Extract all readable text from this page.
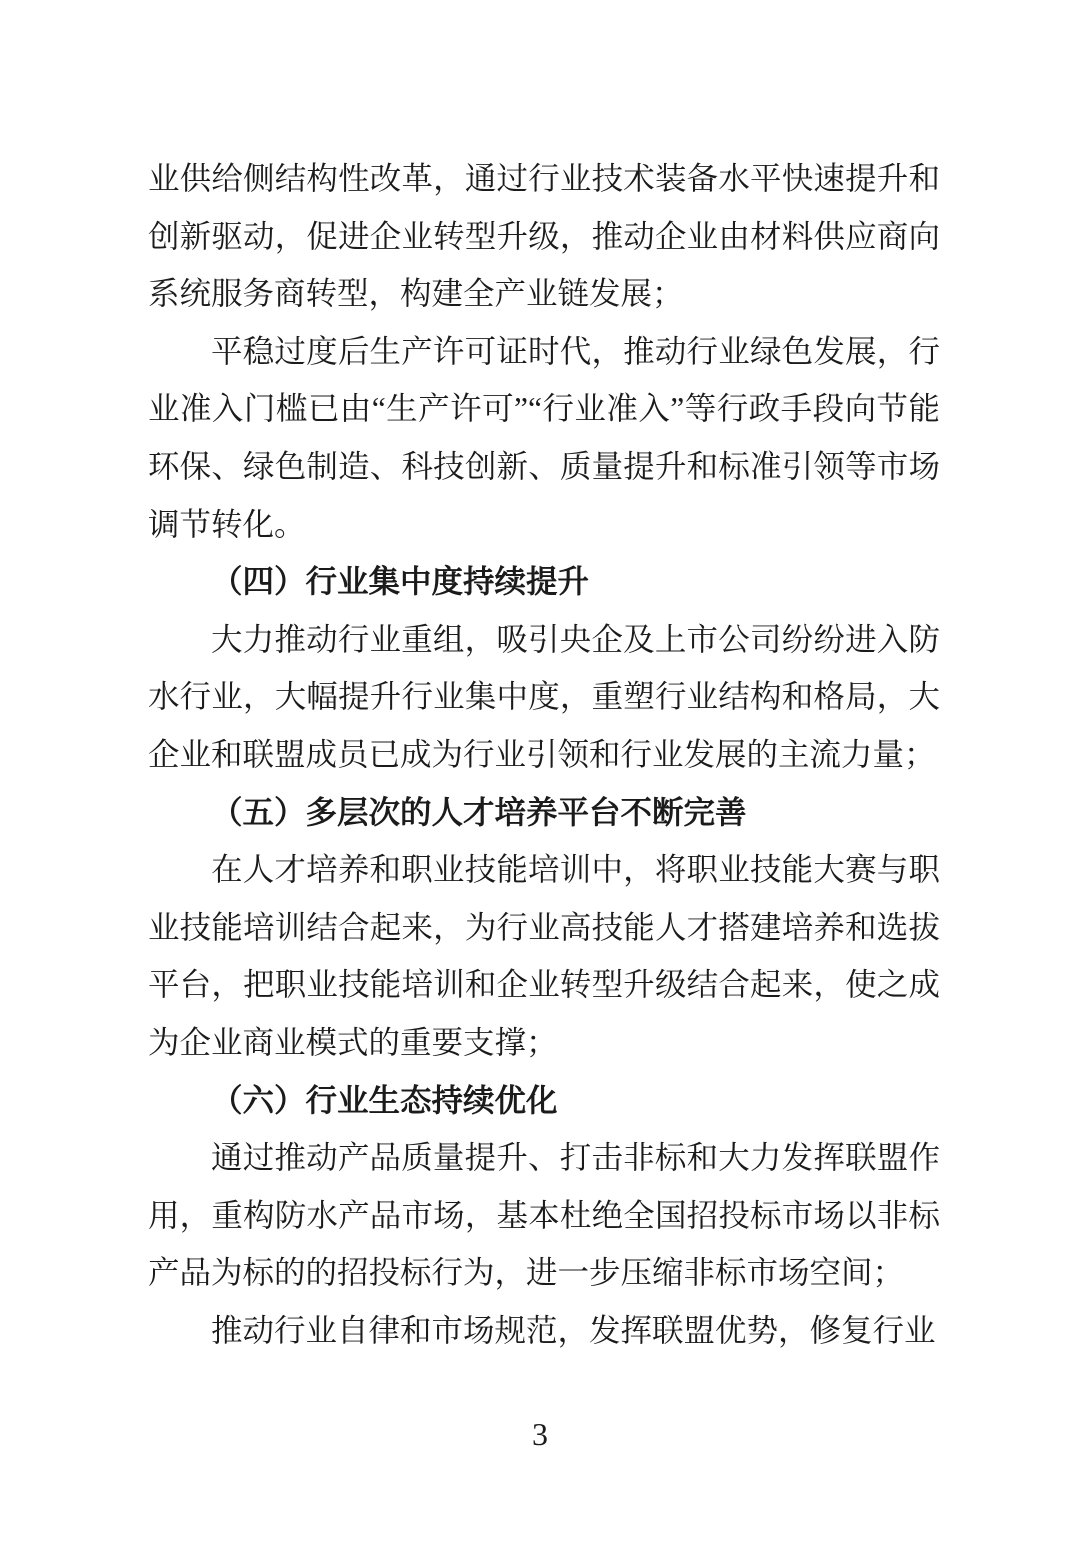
业供给侧结构性改革，通过行业技术装备水平快速提升和创新驱动，促进企业转型升级，推动企业由材料供应商向系统服务商转型，构建全产业链发展；

平稳过度后生产许可证时代，推动行业绿色发展，行业准入门槛已由“生产许可”“行业准入”等行政手段向节能环保、绿色制造、科技创新、质量提升和标准引领等市场调节转化。

（四）行业集中度持续提升

大力推动行业重组，吸引央企及上市公司纷纷进入防水行业，大幅提升行业集中度，重塑行业结构和格局，大企业和联盟成员已成为行业引领和行业发展的主流力量；

（五）多层次的人才培养平台不断完善

在人才培养和职业技能培训中，将职业技能大赛与职业技能培训结合起来，为行业高技能人才搭建培养和选拔平台，把职业技能培训和企业转型升级结合起来，使之成为企业商业模式的重要支撑；

（六）行业生态持续优化

通过推动产品质量提升、打击非标和大力发挥联盟作用，重构防水产品市场，基本杜绝全国招投标市场以非标产品为标的的招投标行为，进一步压缩非标市场空间；

推动行业自律和市场规范，发挥联盟优势，修复行业

3
